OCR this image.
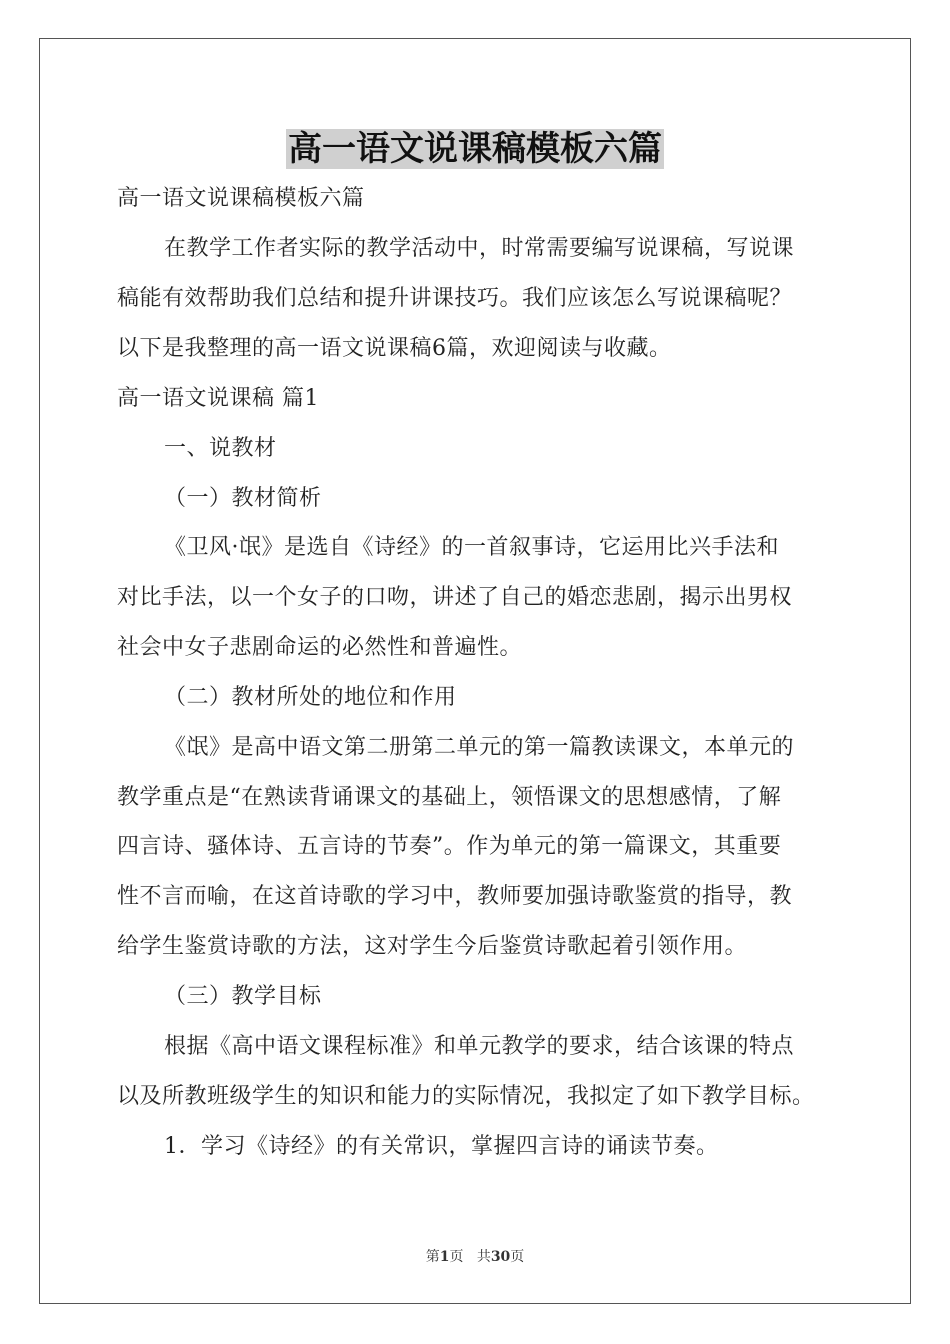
高一语文说课稿模板六篇
高一语文说课稿模板六篇
在教学工作者实际的教学活动中，时常需要编写说课稿，写说课
稿能有效帮助我们总结和提升讲课技巧。我们应该怎么写说课稿呢？
以下是我整理的高一语文说课稿6篇，欢迎阅读与收藏。
高一语文说课稿 篇1
一、说教材
（一）教材简析
《卫风·氓》是选自《诗经》的一首叙事诗，它运用比兴手法和
对比手法，以一个女子的口吻，讲述了自己的婚恋悲剧，揭示出男权
社会中女子悲剧命运的必然性和普遍性。
（二）教材所处的地位和作用
《氓》是高中语文第二册第二单元的第一篇教读课文，本单元的
教学重点是“在熟读背诵课文的基础上，领悟课文的思想感情，了解
四言诗、骚体诗、五言诗的节奏”。作为单元的第一篇课文，其重要
性不言而喻，在这首诗歌的学习中，教师要加强诗歌鉴赏的指导，教
给学生鉴赏诗歌的方法，这对学生今后鉴赏诗歌起着引领作用。
（三）教学目标
根据《高中语文课程标准》和单元教学的要求，结合该课的特点
以及所教班级学生的知识和能力的实际情况，我拟定了如下教学目标。
1．学习《诗经》的有关常识，掌握四言诗的诵读节奏。
第1页 共30页
